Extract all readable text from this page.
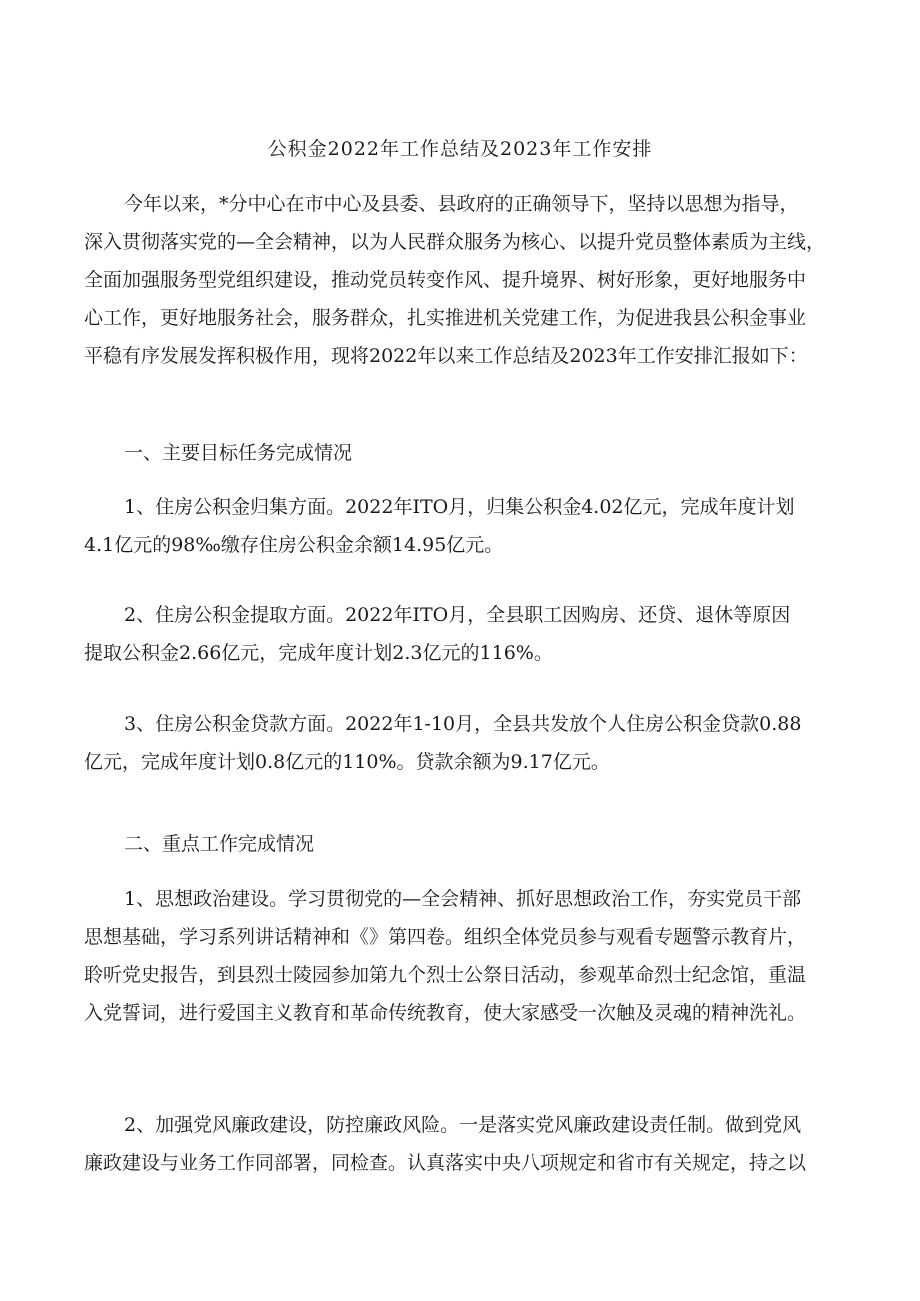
公积金2022年工作总结及2023年工作安排
今年以来，*分中心在市中心及县委、县政府的正确领导下，坚持以思想为指导，
深入贯彻落实党的—全会精神，以为人民群众服务为核心、以提升党员整体素质为主线，
全面加强服务型党组织建设，推动党员转变作风、提升境界、树好形象，更好地服务中
心工作，更好地服务社会，服务群众，扎实推进机关党建工作，为促进我县公积金事业
平稳有序发展发挥积极作用，现将2022年以来工作总结及2023年工作安排汇报如下：
一、主要目标任务完成情况
1、住房公积金归集方面。2022年ITO月，归集公积金4.02亿元，完成年度计划
4.1亿元的98‰缴存住房公积金余额14.95亿元。
2、住房公积金提取方面。2022年ITO月，全县职工因购房、还贷、退休等原因
提取公积金2.66亿元，完成年度计划2.3亿元的116%。
3、住房公积金贷款方面。2022年1-10月，全县共发放个人住房公积金贷款0.88
亿元，完成年度计划0.8亿元的110%。贷款余额为9.17亿元。
二、重点工作完成情况
1、思想政治建设。学习贯彻党的—全会精神、抓好思想政治工作，夯实党员干部
思想基础，学习系列讲话精神和《》第四卷。组织全体党员参与观看专题警示教育片，
聆听党史报告，到县烈士陵园参加第九个烈士公祭日活动，参观革命烈士纪念馆，重温
入党誓词，进行爱国主义教育和革命传统教育，使大家感受一次触及灵魂的精神洗礼。
2、加强党风廉政建设，防控廉政风险。一是落实党风廉政建设责任制。做到党风
廉政建设与业务工作同部署，同检查。认真落实中央八项规定和省市有关规定，持之以
